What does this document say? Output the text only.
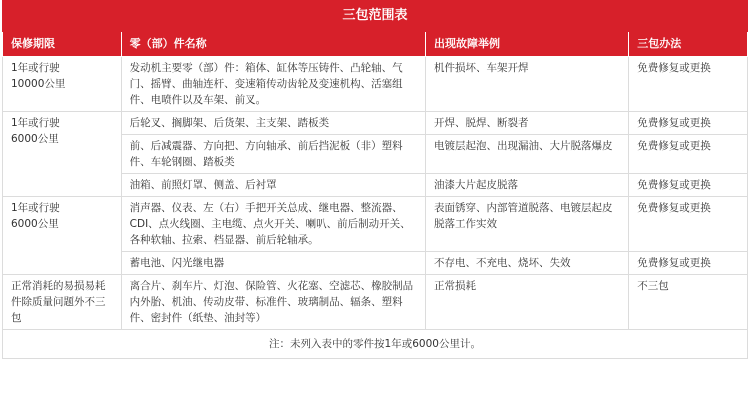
三包范围表			
保修期限	零（部）件名称	出现故障举例	三包办法

1年或行驶
10000公里	发动机主要零（部）件：箱体、缸体等压铸件、凸轮轴、气门、摇臂、曲轴连杆、变速箱传动齿轮及变速机构、活塞组件、电喷件以及车架、前叉。	机件损坏、车架开焊	免费修复或更换

1年或行驶
6000公里	后轮叉、搁脚架、后货架、主支架、踏板类	开焊、脱焊、断裂者	免费修复或更换
	前、后减震器、方向把、方向轴承、前后挡泥板（非）塑料件、车轮钢圈、踏板类	电镀层起泡、出现漏油、大片脱落爆皮	免费修复或更换
	油箱、前照灯罩、侧盖、后衬罩	油漆大片起皮脱落	免费修复或更换

1年或行驶
6000公里	消声器、仪表、左（右）手把开关总成、继电器、整流器、CDI、点火线圈、主电缆、点火开关、喇叭、前后制动开关、各种软轴、拉索、档显器、前后轮轴承。	表面锈穿、内部管道脱落、电镀层起皮脱落工作实效	免费修复或更换
	蓄电池、闪光继电器	不存电、不充电、烧坏、失效	免费修复或更换

正常消耗的易损易耗件除质量问题外不三包	离合片、刹车片、灯泡、保险管、火花塞、空滤芯、橡胶制品内外胎、机油、传动皮带、标准件、玻璃制品、辐条、塑料件、密封件（纸垫、油封等）	正常损耗	不三包
注：未列入表中的零件按1年或6000公里计。			
